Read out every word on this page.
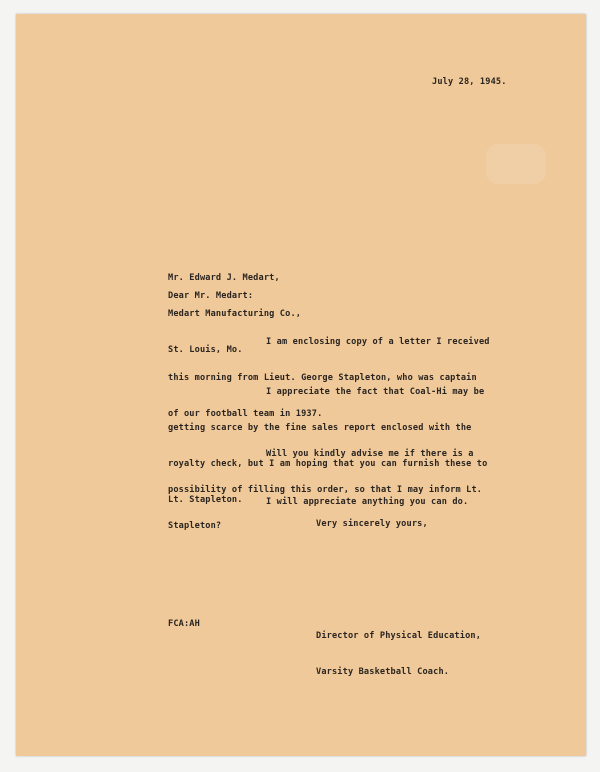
July 28, 1945.

Mr. Edward J. Medart,

Medart Manufacturing Co.,

St. Louis, Mo.

Dear Mr. Medart:

I am enclosing copy of a letter I received

this morning from Lieut. George Stapleton, who was captain

of our football team in 1937.

I appreciate the fact that Coal-Hi may be

getting scarce by the fine sales report enclosed with the

royalty check, but I am hoping that you can furnish these to

Lt. Stapleton.

Will you kindly advise me if there is a

possibility of filling this order, so that I may inform Lt.

Stapleton?

I will appreciate anything you can do.

Very sincerely yours,
FCA:AH

Director of Physical Education,

Varsity Basketball Coach.
